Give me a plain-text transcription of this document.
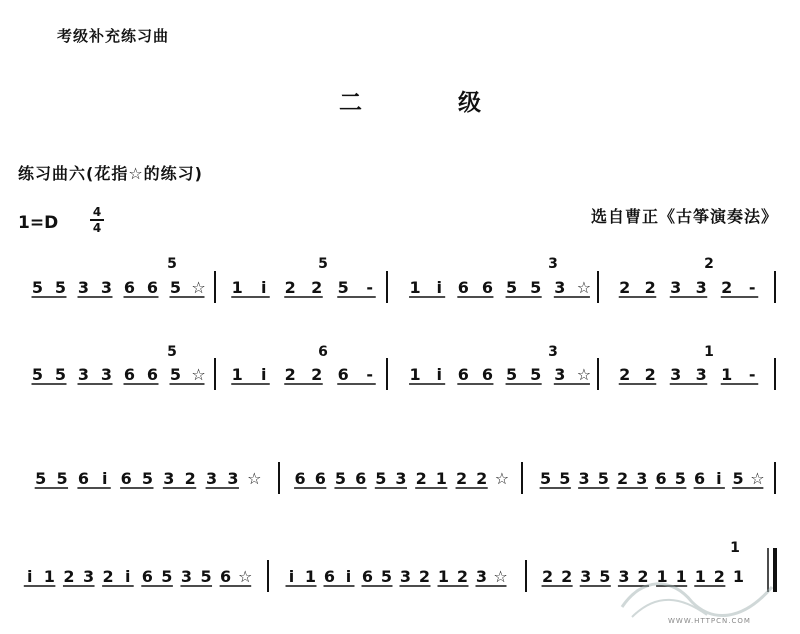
考级补充练习曲
二 级
练习曲六(花指☆的练习)
选自曹正《古筝演奏法》
1=D
4
4
5 5 3 3 6 6 5 ☆ 1 i 2 2 5 - 1 i 6 6 5 5 3 ☆ 2 2 3 3 2 -
5	5	3	2
5 5 3 3 6 6 5 ☆ 1 i 2 2 6 - 1 i 6 6 5 5 3 ☆ 2 2 3 3 1 -
5	6	3	1
5 5 6 i 6 5 3 2 3 3 ☆ 6 6 5 6 5 3 2 1 2 2 ☆ 5 5 3 5 2 3 6 5 6 i 5 ☆
i 1 2 3 2 i 6 5 3 5 6 ☆ i 1 6 i 6 5 3 2 1 2 3 ☆ 2 2 3 5 3 2 1 1 1 2 1
1
WWW.HTTPCN.COM
